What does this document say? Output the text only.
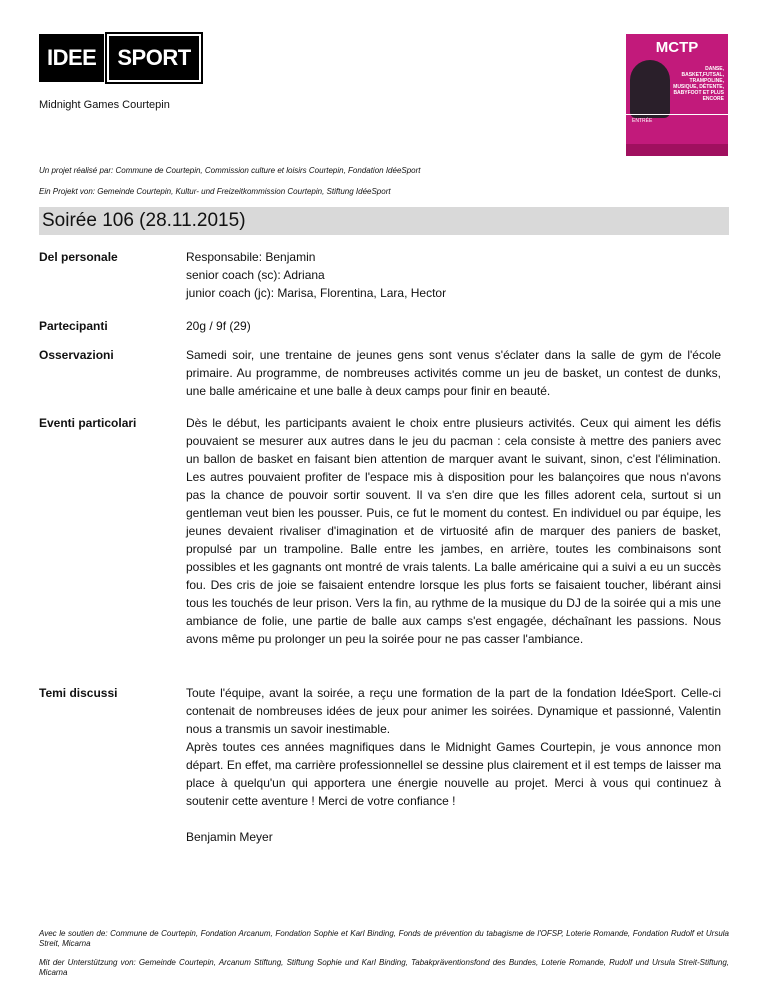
IDEE SPORT
Midnight Games Courtepin
MCTP
DANSE, BASKET,FUTSAL, TRAMPOLINE, MUSIQUE, DÉTENTE, BABYFOOT ET PLUS ENCORE
ENTRÉE
Un projet réalisé par: Commune de Courtepin, Commission culture et loisirs Courtepin, Fondation IdéeSport
Ein Projekt von: Gemeinde Courtepin, Kultur- und Freizeitkommission Courtepin, Stiftung IdéeSport
Soirée 106 (28.11.2015)
Del personale	Responsabile: Benjamin

senior coach (sc): Adriana

junior coach (jc): Marisa, Florentina, Lara, Hector

Partecipanti	20g / 9f (29)
Osservazioni	Samedi soir, une trentaine de jeunes gens sont venus s'éclater dans la salle de gym de l'école primaire. Au programme, de nombreuses activités comme un jeu de basket, un contest de dunks, une balle américaine et une balle à deux camps pour finir en beauté.
Eventi particolari	Dès le début, les participants avaient le choix entre plusieurs activités. Ceux qui aiment les défis pouvaient se mesurer aux autres dans le jeu du pacman : cela consiste à mettre des paniers avec un ballon de basket en faisant bien attention de marquer avant le suivant, sinon, c'est l'élimination. Les autres pouvaient profiter de l'espace mis à disposition pour les balançoires que nous n'avons pas la chance de pouvoir sortir souvent. Il va s'en dire que les filles adorent cela, surtout si un gentleman veut bien les pousser. Puis, ce fut le moment du contest. En individuel ou par équipe, les jeunes devaient rivaliser d'imagination et de virtuosité afin de marquer des paniers de basket, propulsé par un trampoline. Balle entre les jambes, en arrière, toutes les combinaisons sont possibles et les gagnants ont montré de vrais talents. La balle américaine qui a suivi a eu un succès fou. Des cris de joie se faisaient entendre lorsque les plus forts se faisaient toucher, libérant ainsi tous les touchés de leur prison. Vers la fin, au rythme de la musique du DJ de la soirée qui a mis une ambiance de folie, une partie de balle aux camps s'est engagée, déchaînant les passions. Nous avons même pu prolonger un peu la soirée pour ne pas casser l'ambiance.
Temi discussi	Toute l'équipe, avant la soirée, a reçu une formation de la part de la fondation IdéeSport. Celle-ci contenait de nombreuses idées de jeux pour animer les soirées. Dynamique et passionné, Valentin nous a transmis un savoir inestimable.

Après toutes ces années magnifiques dans le Midnight Games Courtepin, je vous annonce mon départ. En effet, ma carrière professionnellel se dessine plus clairement et il est temps de laisser ma place à quelqu'un qui apportera une énergie nouvelle au projet. Merci à vous qui continuez à soutenir cette aventure ! Merci de votre confiance !

Benjamin Meyer

Avec le soutien de: Commune de Courtepin, Fondation Arcanum, Fondation Sophie et Karl Binding, Fonds de prévention du tabagisme de l'OFSP, Loterie Romande, Fondation Rudolf et Ursula Streit, Micarna
Mit der Unterstützung von: Gemeinde Courtepin, Arcanum Stiftung, Stiftung Sophie und Karl Binding, Tabakpräventionsfond des Bundes, Loterie Romande, Rudolf und Ursula Streit-Stiftung, Micarna
